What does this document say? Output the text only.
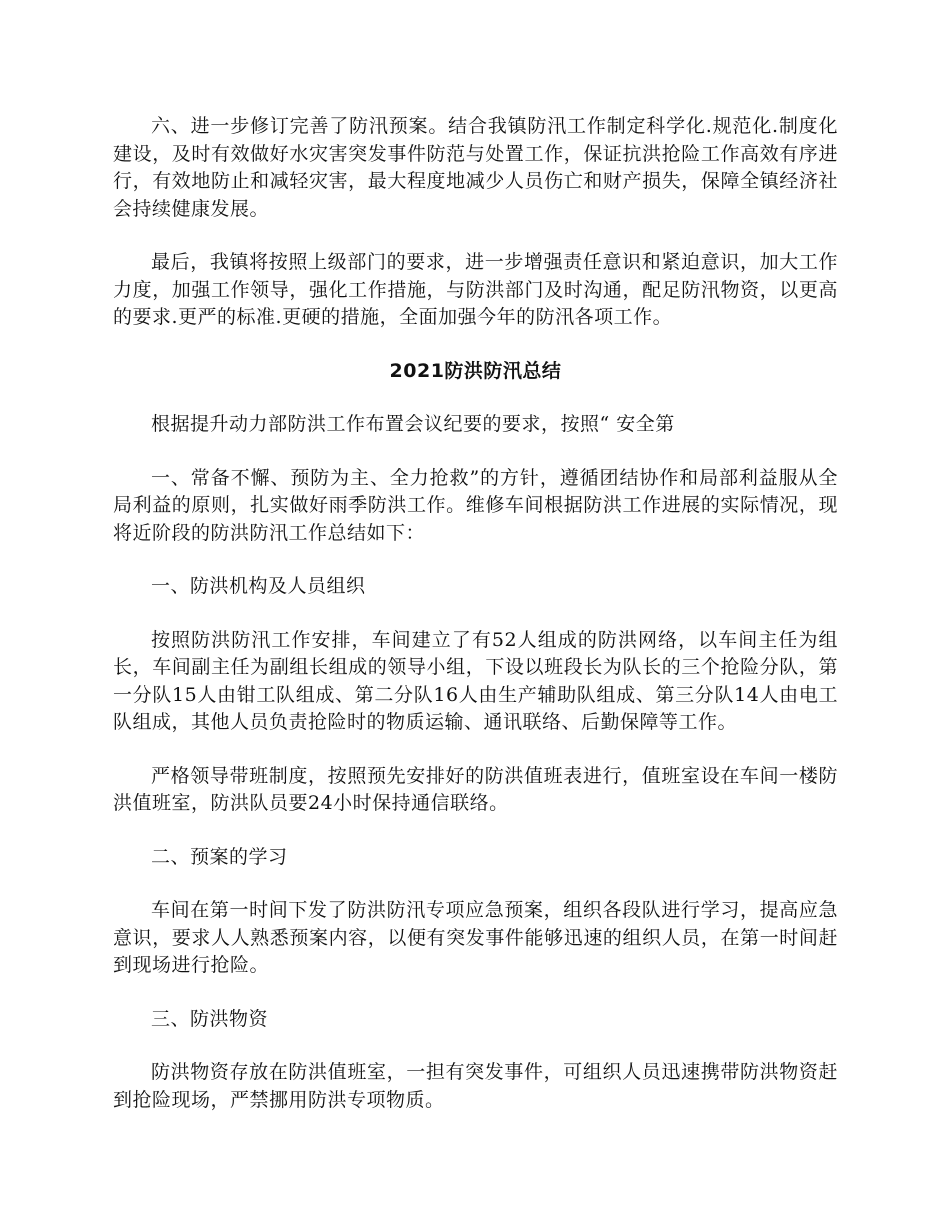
六、进一步修订完善了防汛预案。结合我镇防汛工作制定科学化.规范化.制度化建设，及时有效做好水灾害突发事件防范与处置工作，保证抗洪抢险工作高效有序进行，有效地防止和减轻灾害，最大程度地减少人员伤亡和财产损失，保障全镇经济社会持续健康发展。

最后，我镇将按照上级部门的要求，进一步增强责任意识和紧迫意识，加大工作力度，加强工作领导，强化工作措施，与防洪部门及时沟通，配足防汛物资，以更高的要求.更严的标准.更硬的措施，全面加强今年的防汛各项工作。

2021防洪防汛总结

根据提升动力部防洪工作布置会议纪要的要求，按照“ 安全第

一、常备不懈、预防为主、全力抢救”的方针，遵循团结协作和局部利益服从全局利益的原则，扎实做好雨季防洪工作。维修车间根据防洪工作进展的实际情况，现将近阶段的防洪防汛工作总结如下：

一、防洪机构及人员组织

按照防洪防汛工作安排，车间建立了有52人组成的防洪网络，以车间主任为组长，车间副主任为副组长组成的领导小组，下设以班段长为队长的三个抢险分队，第一分队15人由钳工队组成、第二分队16人由生产辅助队组成、第三分队14人由电工队组成，其他人员负责抢险时的物质运输、通讯联络、后勤保障等工作。

严格领导带班制度，按照预先安排好的防洪值班表进行，值班室设在车间一楼防洪值班室，防洪队员要24小时保持通信联络。

二、预案的学习

车间在第一时间下发了防洪防汛专项应急预案，组织各段队进行学习，提高应急意识，要求人人熟悉预案内容，以便有突发事件能够迅速的组织人员，在第一时间赶到现场进行抢险。

三、防洪物资

防洪物资存放在防洪值班室，一担有突发事件，可组织人员迅速携带防洪物资赶到抢险现场，严禁挪用防洪专项物质。
